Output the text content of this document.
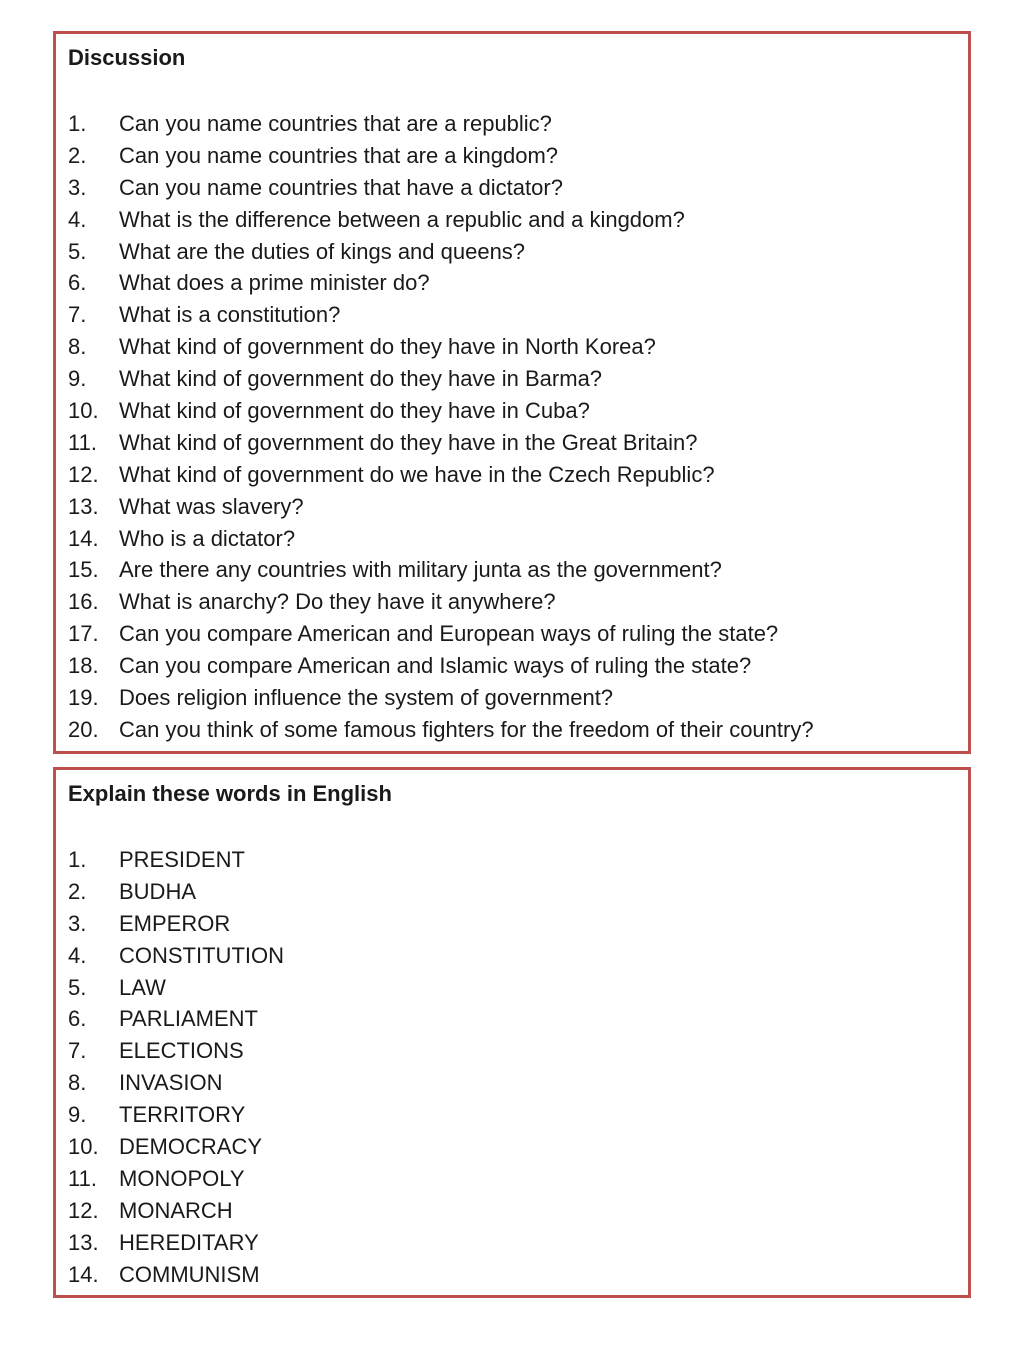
Discussion
1.	Can you name countries that are a republic?
2.	Can you name countries that are a kingdom?
3.	Can you name countries that have a dictator?
4.	What is the difference between a republic and a kingdom?
5.	What are the duties of kings and queens?
6.	What does a prime minister do?
7.	What is a constitution?
8.	What kind of government do they have in North Korea?
9.	What kind of government do they have in Barma?
10. What kind of government do they have in Cuba?
11.	What kind of government do they have in the Great Britain?
12. What kind of government do we have in the Czech Republic?
13. What was slavery?
14. Who is a dictator?
15. Are there any countries with military junta as the government?
16. What is anarchy? Do they have it anywhere?
17. Can you compare American and European ways of ruling the state?
18. Can you compare American and Islamic ways of ruling the state?
19. Does religion influence the system of government?
20. Can you think of some famous fighters for the freedom of their country?
Explain these words in English
1.	PRESIDENT
2.	BUDHA
3.	EMPEROR
4.	CONSTITUTION
5.	LAW
6.	PARLIAMENT
7.	ELECTIONS
8.	INVASION
9.	TERRITORY
10. DEMOCRACY
11.	MONOPOLY
12. MONARCH
13. HEREDITARY
14. COMMUNISM
